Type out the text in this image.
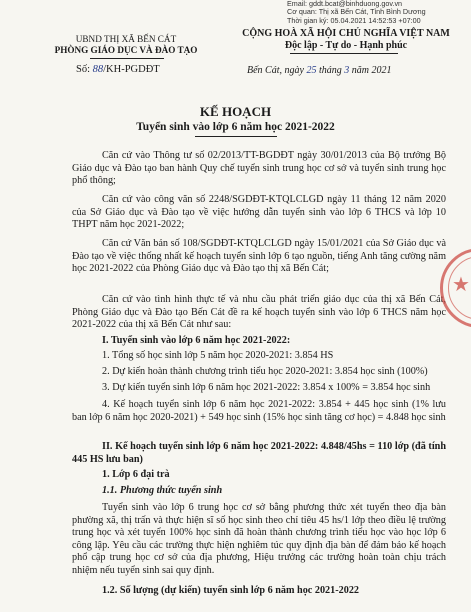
Email: gddt.bcat@binhduong.gov.vn
Cơ quan: Thị xã Bến Cát, Tỉnh Bình Dương
Thời gian ký: 05.04.2021 14:52:53 +07:00
UBND THỊ XÃ BẾN CÁT
PHÒNG GIÁO DỤC VÀ ĐÀO TẠO
CỘNG HOÀ XÃ HỘI CHỦ NGHĨA VIỆT NAM
Độc lập - Tự do - Hạnh phúc
Số: 88/KH-PGDĐT	Bến Cát, ngày 25 tháng 3 năm 2021
KẾ HOẠCH
Tuyển sinh vào lớp 6 năm học 2021-2022

Căn cứ vào Thông tư số 02/2013/TT-BGDĐT ngày 30/01/2013 của Bộ trưởng Bộ Giáo dục và Đào tạo ban hành Quy chế tuyển sinh trung học cơ sở và tuyển sinh trung học phổ thông;

Căn cứ vào công văn số 2248/SGDĐT-KTQLCLGD ngày 11 tháng 12 năm 2020 của Sở Giáo dục và Đào tạo về việc hướng dẫn tuyển sinh vào lớp 6 THCS và lớp 10 THPT năm học 2021-2022;

Căn cứ Văn bản số 108/SGDĐT-KTQLCLGD ngày 15/01/2021 của Sở Giáo dục và Đào tạo về việc thống nhất kế hoạch tuyển sinh lớp 6 tạo nguồn, tiếng Anh tăng cường năm học 2021-2022 của Phòng Giáo dục và Đào tạo thị xã Bến Cát;

Căn cứ vào tình hình thực tế và nhu cầu phát triển giáo dục của thị xã Bến Cát, Phòng Giáo dục và Đào tạo Bến Cát đề ra kế hoạch tuyển sinh vào lớp 6 THCS năm học 2021-2022 của thị xã Bến Cát như sau:

I. Tuyển sinh vào lớp 6 năm học 2021-2022:

1. Tổng số học sinh lớp 5 năm học 2020-2021: 3.854 HS

2. Dự kiến hoàn thành chương trình tiểu học 2020-2021: 3.854 học sinh (100%)

3. Dự kiến tuyển sinh lớp 6 năm học 2021-2022: 3.854 x 100% = 3.854 học sinh

4. Kế hoạch tuyển sinh lớp 6 năm học 2021-2022: 3.854 + 445 học sinh (1% lưu ban lớp 6 năm học 2020-2021) + 549 học sinh (15% học sinh tăng cơ học) = 4.848 học sinh

II. Kế hoạch tuyển sinh lớp 6 năm học 2021-2022: 4.848/45hs = 110 lớp (đã tính 445 HS lưu ban)

1. Lớp 6 đại trà

1.1. Phương thức tuyển sinh

Tuyển sinh vào lớp 6 trung học cơ sở bằng phương thức xét tuyển theo địa bàn phường xã, thị trấn và thực hiện sĩ số học sinh theo chỉ tiêu 45 hs/1 lớp theo điều lệ trường trung học và xét tuyển 100% học sinh đã hoàn thành chương trình tiểu học vào học lớp 6 công lập. Yêu cầu các trường thực hiện nghiêm túc quy định địa bàn để đảm bảo kế hoạch phổ cập trung học cơ sở của địa phương, Hiệu trưởng các trường hoàn toàn chịu trách nhiệm nếu tuyển sinh sai quy định.

1.2. Số lượng (dự kiến) tuyển sinh lớp 6 năm học 2021-2022

★
